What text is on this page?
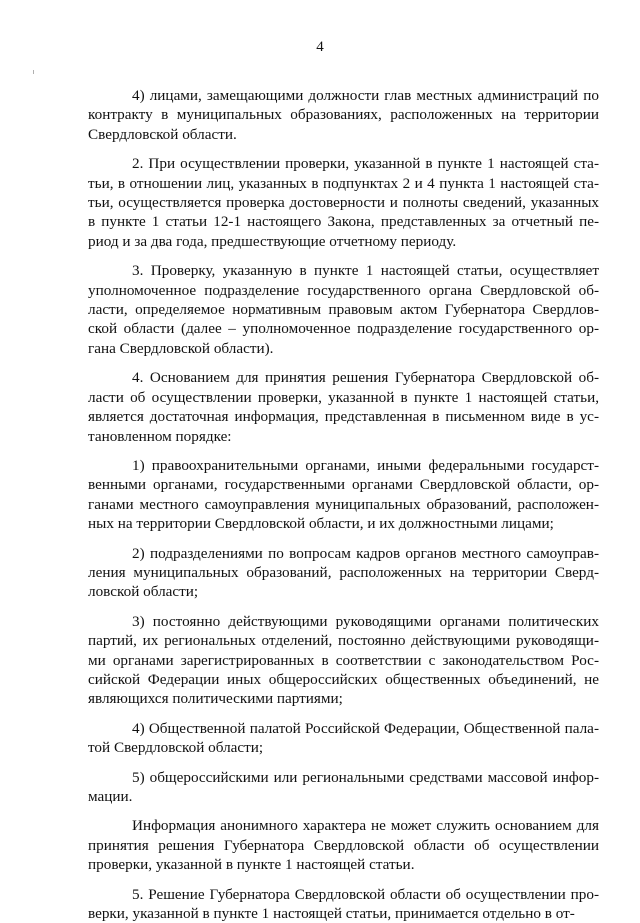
4

4) лицами, замещающими должности глав местных администраций по контракту в муниципальных образованиях, расположенных на территории Свердловской области.

2. При осуществлении проверки, указанной в пункте 1 настоящей статьи, в отношении лиц, указанных в подпунктах 2 и 4 пункта 1 настоящей статьи, осуществляется проверка достоверности и полноты сведений, указанных в пункте 1 статьи 12-1 настоящего Закона, представленных за отчетный период и за два года, предшествующие отчетному периоду.

3. Проверку, указанную в пункте 1 настоящей статьи, осуществляет уполномоченное подразделение государственного органа Свердловской области, определяемое нормативным правовым актом Губернатора Свердловской области (далее – уполномоченное подразделение государственного органа Свердловской области).

4. Основанием для принятия решения Губернатора Свердловской области об осуществлении проверки, указанной в пункте 1 настоящей статьи, является достаточная информация, представленная в письменном виде в установленном порядке:

1) правоохранительными органами, иными федеральными государственными органами, государственными органами Свердловской области, органами местного самоуправления муниципальных образований, расположенных на территории Свердловской области, и их должностными лицами;

2) подразделениями по вопросам кадров органов местного самоуправления муниципальных образований, расположенных на территории Свердловской области;

3) постоянно действующими руководящими органами политических партий, их региональных отделений, постоянно действующими руководящими органами зарегистрированных в соответствии с законодательством Российской Федерации иных общероссийских общественных объединений, не являющихся политическими партиями;

4) Общественной палатой Российской Федерации, Общественной палатой Свердловской области;

5) общероссийскими или региональными средствами массовой информации.

Информация анонимного характера не может служить основанием для принятия решения Губернатора Свердловской области об осуществлении проверки, указанной в пункте 1 настоящей статьи.

5. Решение Губернатора Свердловской области об осуществлении проверки, указанной в пункте 1 настоящей статьи, принимается отдельно в от-
